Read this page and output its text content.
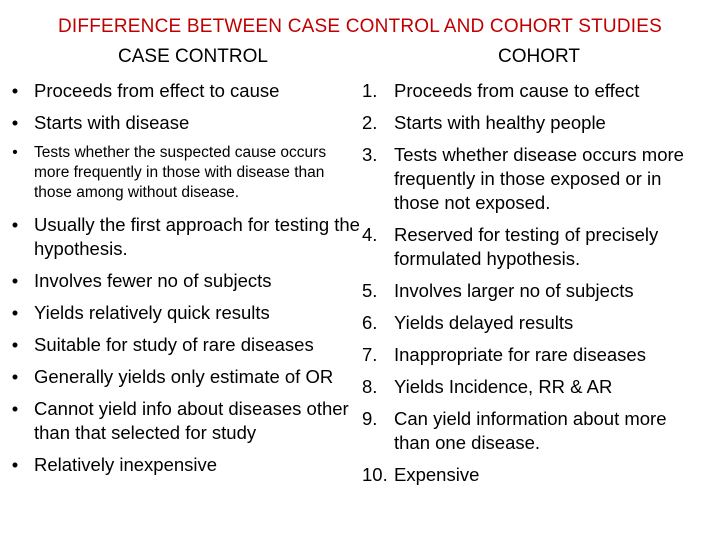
DIFFERENCE BETWEEN CASE CONTROL AND COHORT STUDIES
CASE CONTROL	COHORT
• Proceeds from effect to cause
• Starts with disease
• Tests whether the suspected cause occurs more frequently in those with disease than those among without disease.
• Usually the first approach for testing the hypothesis.
• Involves fewer no of subjects
• Yields relatively quick results
• Suitable for study of rare diseases
• Generally yields only estimate of OR
• Cannot yield info about diseases other than that selected for study
• Relatively inexpensive
1. Proceeds from cause to effect
2. Starts with healthy people
3. Tests whether disease occurs more frequently in those exposed or in those not exposed.
4. Reserved for testing of precisely formulated hypothesis.
5. Involves larger no of subjects
6. Yields delayed results
7. Inappropriate for rare diseases
8. Yields Incidence, RR & AR
9. Can yield information about more than one disease.
10. Expensive
